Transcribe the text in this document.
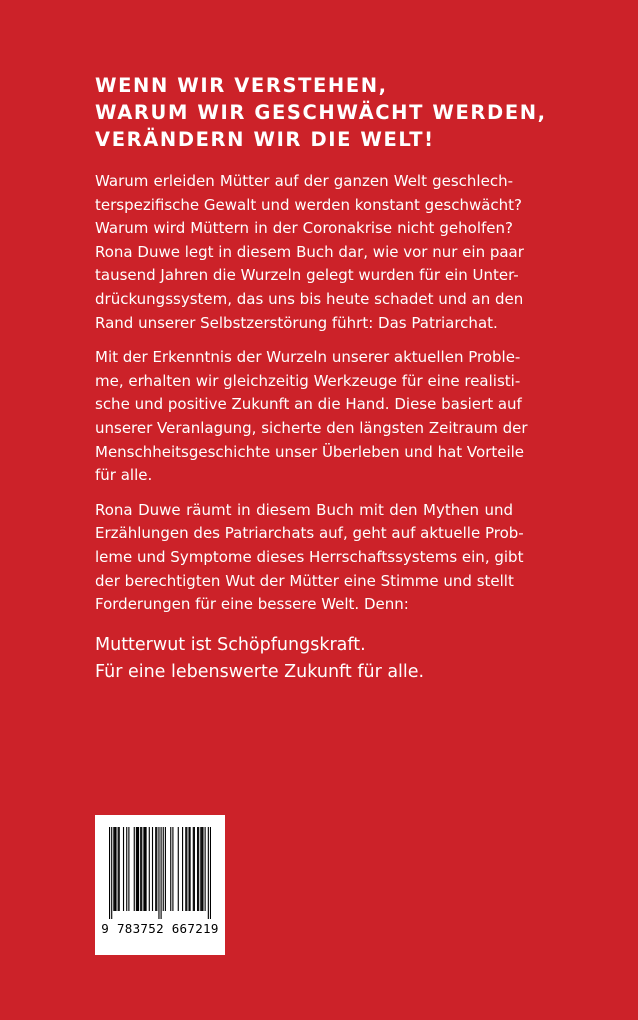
WENN WIR VERSTEHEN,
WARUM WIR GESCHWÄCHT WERDEN,
VERÄNDERN WIR DIE WELT!

Warum erleiden Mütter auf der ganzen Welt geschlech-
terspezifische Gewalt und werden konstant geschwächt?
Warum wird Müttern in der Coronakrise nicht geholfen?
Rona Duwe legt in diesem Buch dar, wie vor nur ein paar
tausend Jahren die Wurzeln gelegt wurden für ein Unter-
drückungssystem, das uns bis heute schadet und an den
Rand unserer Selbstzerstörung führt: Das Patriarchat.

Mit der Erkenntnis der Wurzeln unserer aktuellen Proble-
me, erhalten wir gleichzeitig Werkzeuge für eine realisti-
sche und positive Zukunft an die Hand. Diese basiert auf
unserer Veranlagung, sicherte den längsten Zeitraum der
Menschheitsgeschichte unser Überleben und hat Vorteile
für alle.

Rona Duwe räumt in diesem Buch mit den Mythen und
Erzählungen des Patriarchats auf, geht auf aktuelle Prob-
leme und Symptome dieses Herrschaftssystems ein, gibt
der berechtigten Wut der Mütter eine Stimme und stellt
Forderungen für eine bessere Welt. Denn:

Mutterwut ist Schöpfungskraft.
Für eine lebenswerte Zukunft für alle.
9 783752 667219
